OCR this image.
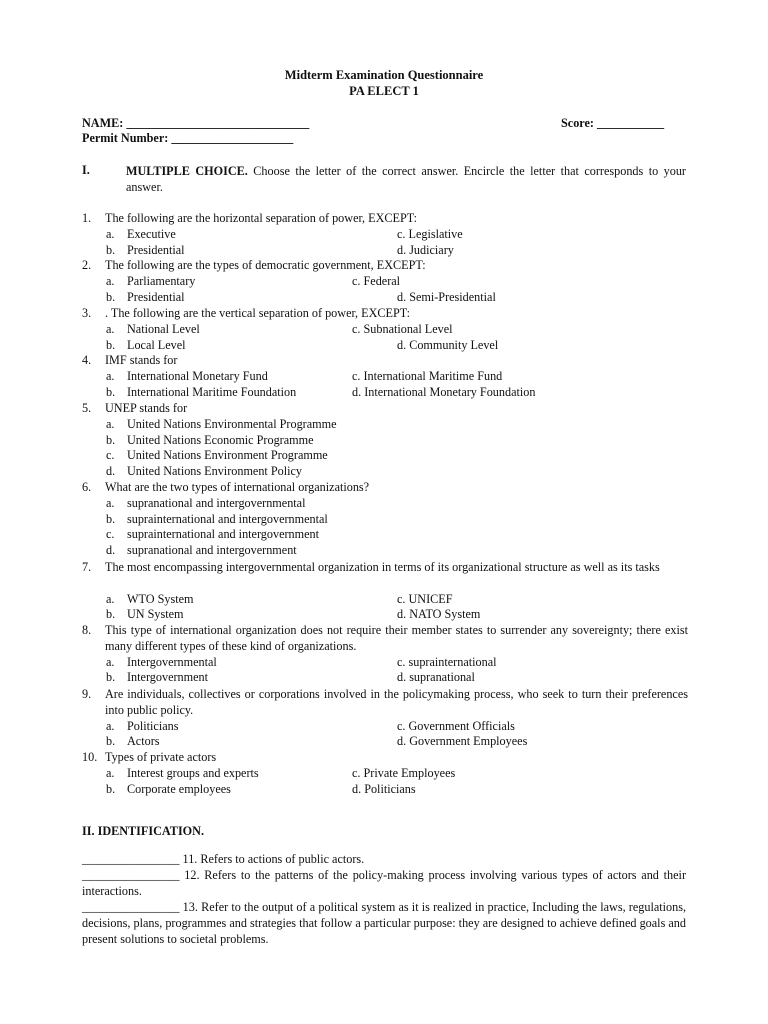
Midterm Examination Questionnaire
PA ELECT 1
NAME: ______________________________	Score: ___________
Permit Number: ____________________
I.	MULTIPLE CHOICE. Choose the letter of the correct answer. Encircle the letter that corresponds to your answer.
1. The following are the horizontal separation of power, EXCEPT:
a. Executive
b. Presidential
c. Legislative
d. Judiciary
2. The following are the types of democratic government, EXCEPT:
a. Parliamentary
b. Presidential
c. Federal
d. Semi-Presidential
3. . The following are the vertical separation of power, EXCEPT:
a. National Level
b. Local Level
c. Subnational Level
d. Community Level
4. IMF stands for
a. International Monetary Fund
b. International Maritime Foundation
c. International Maritime Fund
d. International Monetary Foundation
5. UNEP stands for
a. United Nations Environmental Programme
b. United Nations Economic Programme
c. United Nations Environment Programme
d. United Nations Environment Policy
6. What are the two types of international organizations?
a. supranational and intergovernmental
b. suprainternational and intergovernmental
c. suprainternational and intergovernment
d. supranational and intergovernment
7. The most encompassing intergovernmental organization in terms of its organizational structure as well as its tasks
a. WTO System
b. UN System
c. UNICEF
d. NATO System
8. This type of international organization does not require their member states to surrender any sovereignty; there exist many different types of these kind of organizations.
a. Intergovernmental
b. Intergovernment
c. suprainternational
d. supranational
9. Are individuals, collectives or corporations involved in the policymaking process, who seek to turn their preferences into public policy.
a. Politicians
b. Actors
c. Government Officials
d. Government Employees
10. Types of private actors
a. Interest groups and experts
b. Corporate employees
c. Private Employees
d. Politicians
II. IDENTIFICATION.
________________ 11. Refers to actions of public actors.
________________ 12. Refers to the patterns of the policy-making process involving various types of actors and their interactions.
________________ 13. Refer to the output of a political system as it is realized in practice, Including the laws, regulations, decisions, plans, programmes and strategies that follow a particular purpose: they are designed to achieve defined goals and present solutions to societal problems.
